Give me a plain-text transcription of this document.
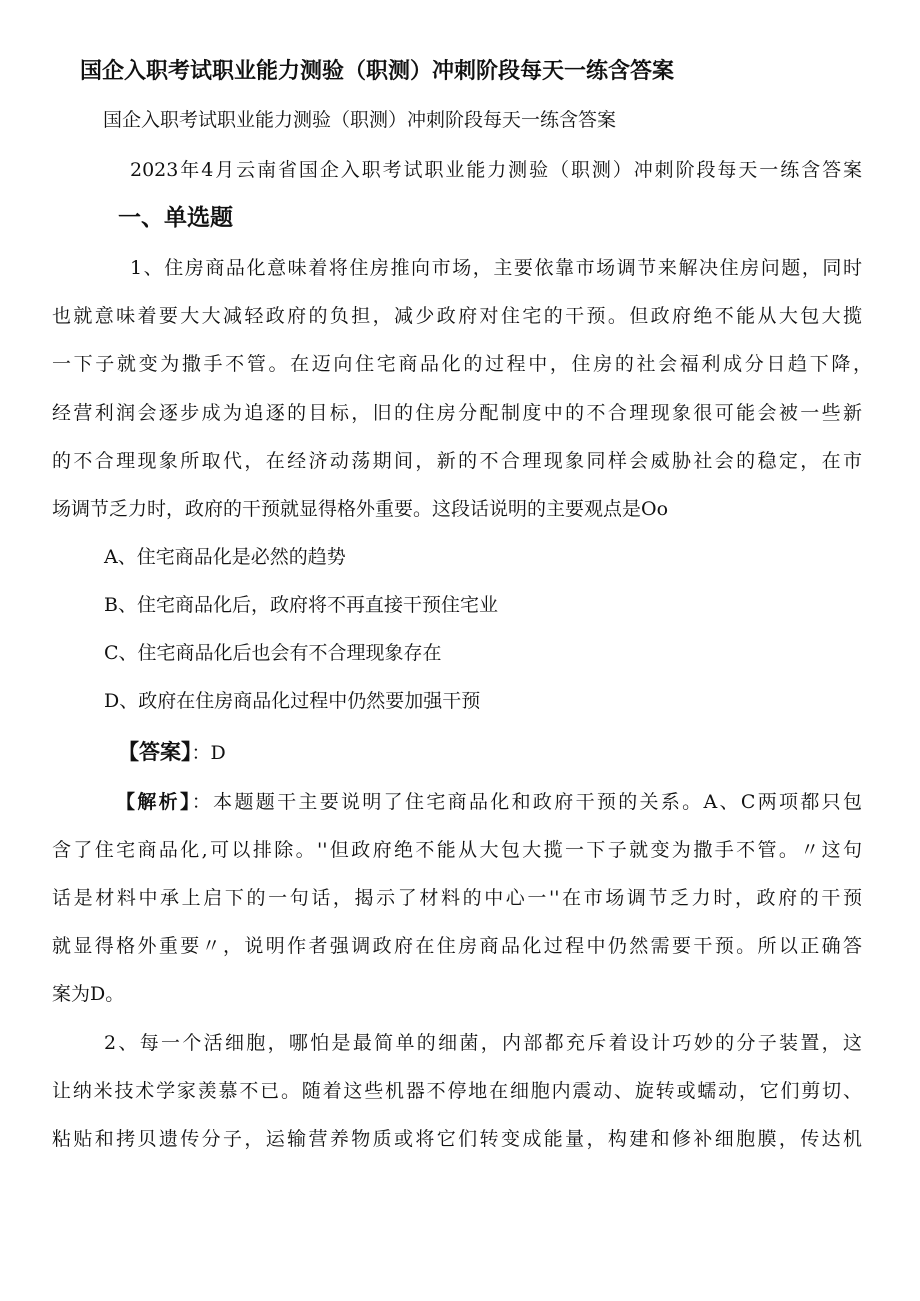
国企入职考试职业能力测验（职测）冲刺阶段每天一练含答案
国企入职考试职业能力测验（职测）冲刺阶段每天一练含答案
2023年4月云南省国企入职考试职业能力测验（职测）冲刺阶段每天一练含答案
一、单选题
1、住房商品化意味着将住房推向市场，主要依靠市场调节来解决住房问题，同时
也就意味着要大大减轻政府的负担，减少政府对住宅的干预。但政府绝不能从大包大揽
一下子就变为撒手不管。在迈向住宅商品化的过程中，住房的社会福利成分日趋下降，
经营利润会逐步成为追逐的目标，旧的住房分配制度中的不合理现象很可能会被一些新
的不合理现象所取代，在经济动荡期间，新的不合理现象同样会威胁社会的稳定，在市
场调节乏力时，政府的干预就显得格外重要。这段话说明的主要观点是Oo
A、住宅商品化是必然的趋势
B、住宅商品化后，政府将不再直接干预住宅业
C、住宅商品化后也会有不合理现象存在
D、政府在住房商品化过程中仍然要加强干预
【答案】：D
【解析】：本题题干主要说明了住宅商品化和政府干预的关系。A、C两项都只包
含了住宅商品化,可以排除。''但政府绝不能从大包大揽一下子就变为撒手不管。〃这句
话是材料中承上启下的一句话，揭示了材料的中心一''在市场调节乏力时，政府的干预
就显得格外重要〃，说明作者强调政府在住房商品化过程中仍然需要干预。所以正确答
案为D。
2、每一个活细胞，哪怕是最简单的细菌，内部都充斥着设计巧妙的分子装置，这
让纳米技术学家羡慕不已。随着这些机器不停地在细胞内震动、旋转或蠕动，它们剪切、
粘贴和拷贝遗传分子，运输营养物质或将它们转变成能量，构建和修补细胞膜，传达机
